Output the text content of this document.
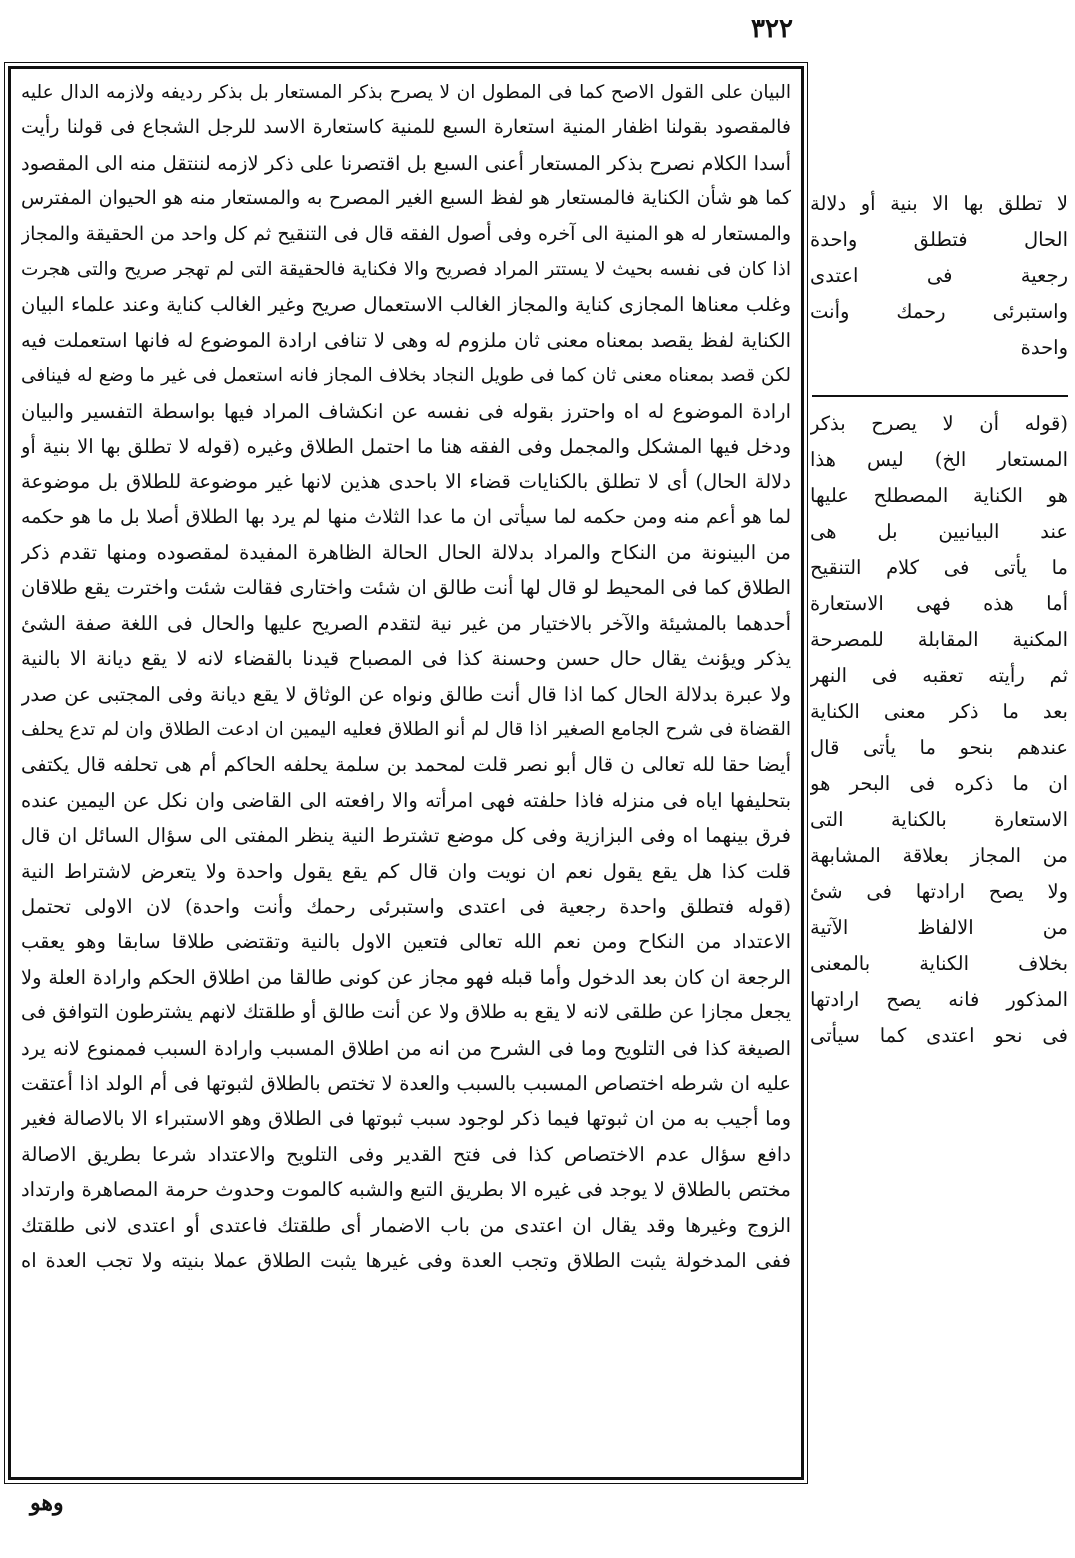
٣٢٢
البيان على القول الاصح كما فى المطول ان لا يصرح بذكر المستعار بل بذكر رديفه ولازمه الدال عليه
فالمقصود بقولنا اظفار المنية استعارة السبع للمنية كاستعارة الاسد للرجل الشجاع فى قولنا رأيت
أسدا الكلام نصرح بذكر المستعار أعنى السبع بل اقتصرنا على ذكر لازمه لننتقل منه الى المقصود
كما هو شأن الكناية فالمستعار هو لفظ السبع الغير المصرح به والمستعار منه هو الحيوان المفترس
والمستعار له هو المنية الى آخره وفى أصول الفقه قال فى التنقيح ثم كل واحد من الحقيقة والمجاز
اذا كان فى نفسه بحيث لا يستتر المراد فصريح والا فكناية فالحقيقة التى لم تهجر صريح والتى هجرت
وغلب معناها المجازى كناية والمجاز الغالب الاستعمال صريح وغير الغالب كناية وعند علماء البيان
الكناية لفظ يقصد بمعناه معنى ثان ملزوم له وهى لا تنافى ارادة الموضوع له فانها استعملت فيه
لكن قصد بمعناه معنى ثان كما فى طويل النجاد بخلاف المجاز فانه استعمل فى غير ما وضع له فينافى
ارادة الموضوع له اه واحترز بقوله فى نفسه عن انكشاف المراد فيها بواسطة التفسير والبيان
ودخل فيها المشكل والمجمل وفى الفقه هنا ما احتمل الطلاق وغيره (قوله لا تطلق بها الا بنية أو
دلالة الحال) أى لا تطلق بالكنايات قضاء الا باحدى هذين لانها غير موضوعة للطلاق بل موضوعة
لما هو أعم منه ومن حكمه لما سيأتى ان ما عدا الثلاث منها لم يرد بها الطلاق أصلا بل ما هو حكمه
من البينونة من النكاح والمراد بدلالة الحال الحالة الظاهرة المفيدة لمقصوده ومنها تقدم ذكر
الطلاق كما فى المحيط لو قال لها أنت طالق ان شئت واختارى فقالت شئت واخترت يقع طلاقان
أحدهما بالمشيئة والآخر بالاختيار من غير نية لتقدم الصريح عليها والحال فى اللغة صفة الشئ
يذكر ويؤنث يقال حال حسن وحسنة كذا فى المصباح قيدنا بالقضاء لانه لا يقع ديانة الا بالنية
ولا عبرة بدلالة الحال كما اذا قال أنت طالق ونواه عن الوثاق لا يقع ديانة وفى المجتبى عن صدر
القضاة فى شرح الجامع الصغير اذا قال لم أنو الطلاق فعليه اليمين ان ادعت الطلاق وان لم تدع يحلف
أيضا حقا لله تعالى ن قال أبو نصر قلت لمحمد بن سلمة يحلفه الحاكم أم هى تحلفه قال يكتفى
بتحليفها اياه فى منزله فاذا حلفته فهى امرأته والا رافعته الى القاضى وان نكل عن اليمين عنده
فرق بينهما اه وفى البزازية وفى كل موضع تشترط النية ينظر المفتى الى سؤال السائل ان قال
قلت كذا هل يقع يقول نعم ان نويت وان قال كم يقع يقول واحدة ولا يتعرض لاشتراط النية
(قوله فتطلق واحدة رجعية فى اعتدى واستبرئى رحمك وأنت واحدة) لان الاولى تحتمل
الاعتداد من النكاح ومن نعم الله تعالى فتعين الاول بالنية وتقتضى طلاقا سابقا وهو يعقب
الرجعة ان كان بعد الدخول وأما قبله فهو مجاز عن كونى طالقا من اطلاق الحكم وارادة العلة ولا
يجعل مجازا عن طلقى لانه لا يقع به طلاق ولا عن أنت طالق أو طلقتك لانهم يشترطون التوافق فى
الصيغة كذا فى التلويح وما فى الشرح من انه من اطلاق المسبب وارادة السبب فممنوع لانه يرد
عليه ان شرطه اختصاص المسبب بالسبب والعدة لا تختص بالطلاق لثبوتها فى أم الولد اذا أعتقت
وما أجيب به من ان ثبوتها فيما ذكر لوجود سبب ثبوتها فى الطلاق وهو الاستبراء الا بالاصالة فغير
دافع سؤال عدم الاختصاص كذا فى فتح القدير وفى التلويح والاعتداد شرعا بطريق الاصالة
مختص بالطلاق لا يوجد فى غيره الا بطريق التبع والشبه كالموت وحدوث حرمة المصاهرة وارتداد
الزوج وغيرها وقد يقال ان اعتدى من باب الاضمار أى طلقتك فاعتدى أو اعتدى لانى طلقتك
ففى المدخولة يثبت الطلاق وتجب العدة وفى غيرها يثبت الطلاق عملا بنيته ولا تجب العدة اه
لا تطلق بها الا بنية أو دلالة
الحال فتطلق واحدة
رجعية فى اعتدى
واستبرئى رحمك وأنت
واحدة
(قوله أن لا يصرح بذكر
المستعار الخ) ليس هذا
هو الكناية المصطلح عليها
عند البيانيين بل هى
ما يأتى فى كلام التنقيح
أما هذه فهى الاستعارة
المكنية المقابلة للمصرحة
ثم رأيته تعقبه فى النهر
بعد ما ذكر معنى الكناية
عندهم بنحو ما يأتى قال
ان ما ذكره فى البحر هو
الاستعارة بالكناية التى
من المجاز بعلاقة المشابهة
ولا يصح ارادتها فى شئ
من الالفاظ الآتية
بخلاف الكناية بالمعنى
المذكور فانه يصح ارادتها
فى نحو اعتدى كما سيأتى
وهو
